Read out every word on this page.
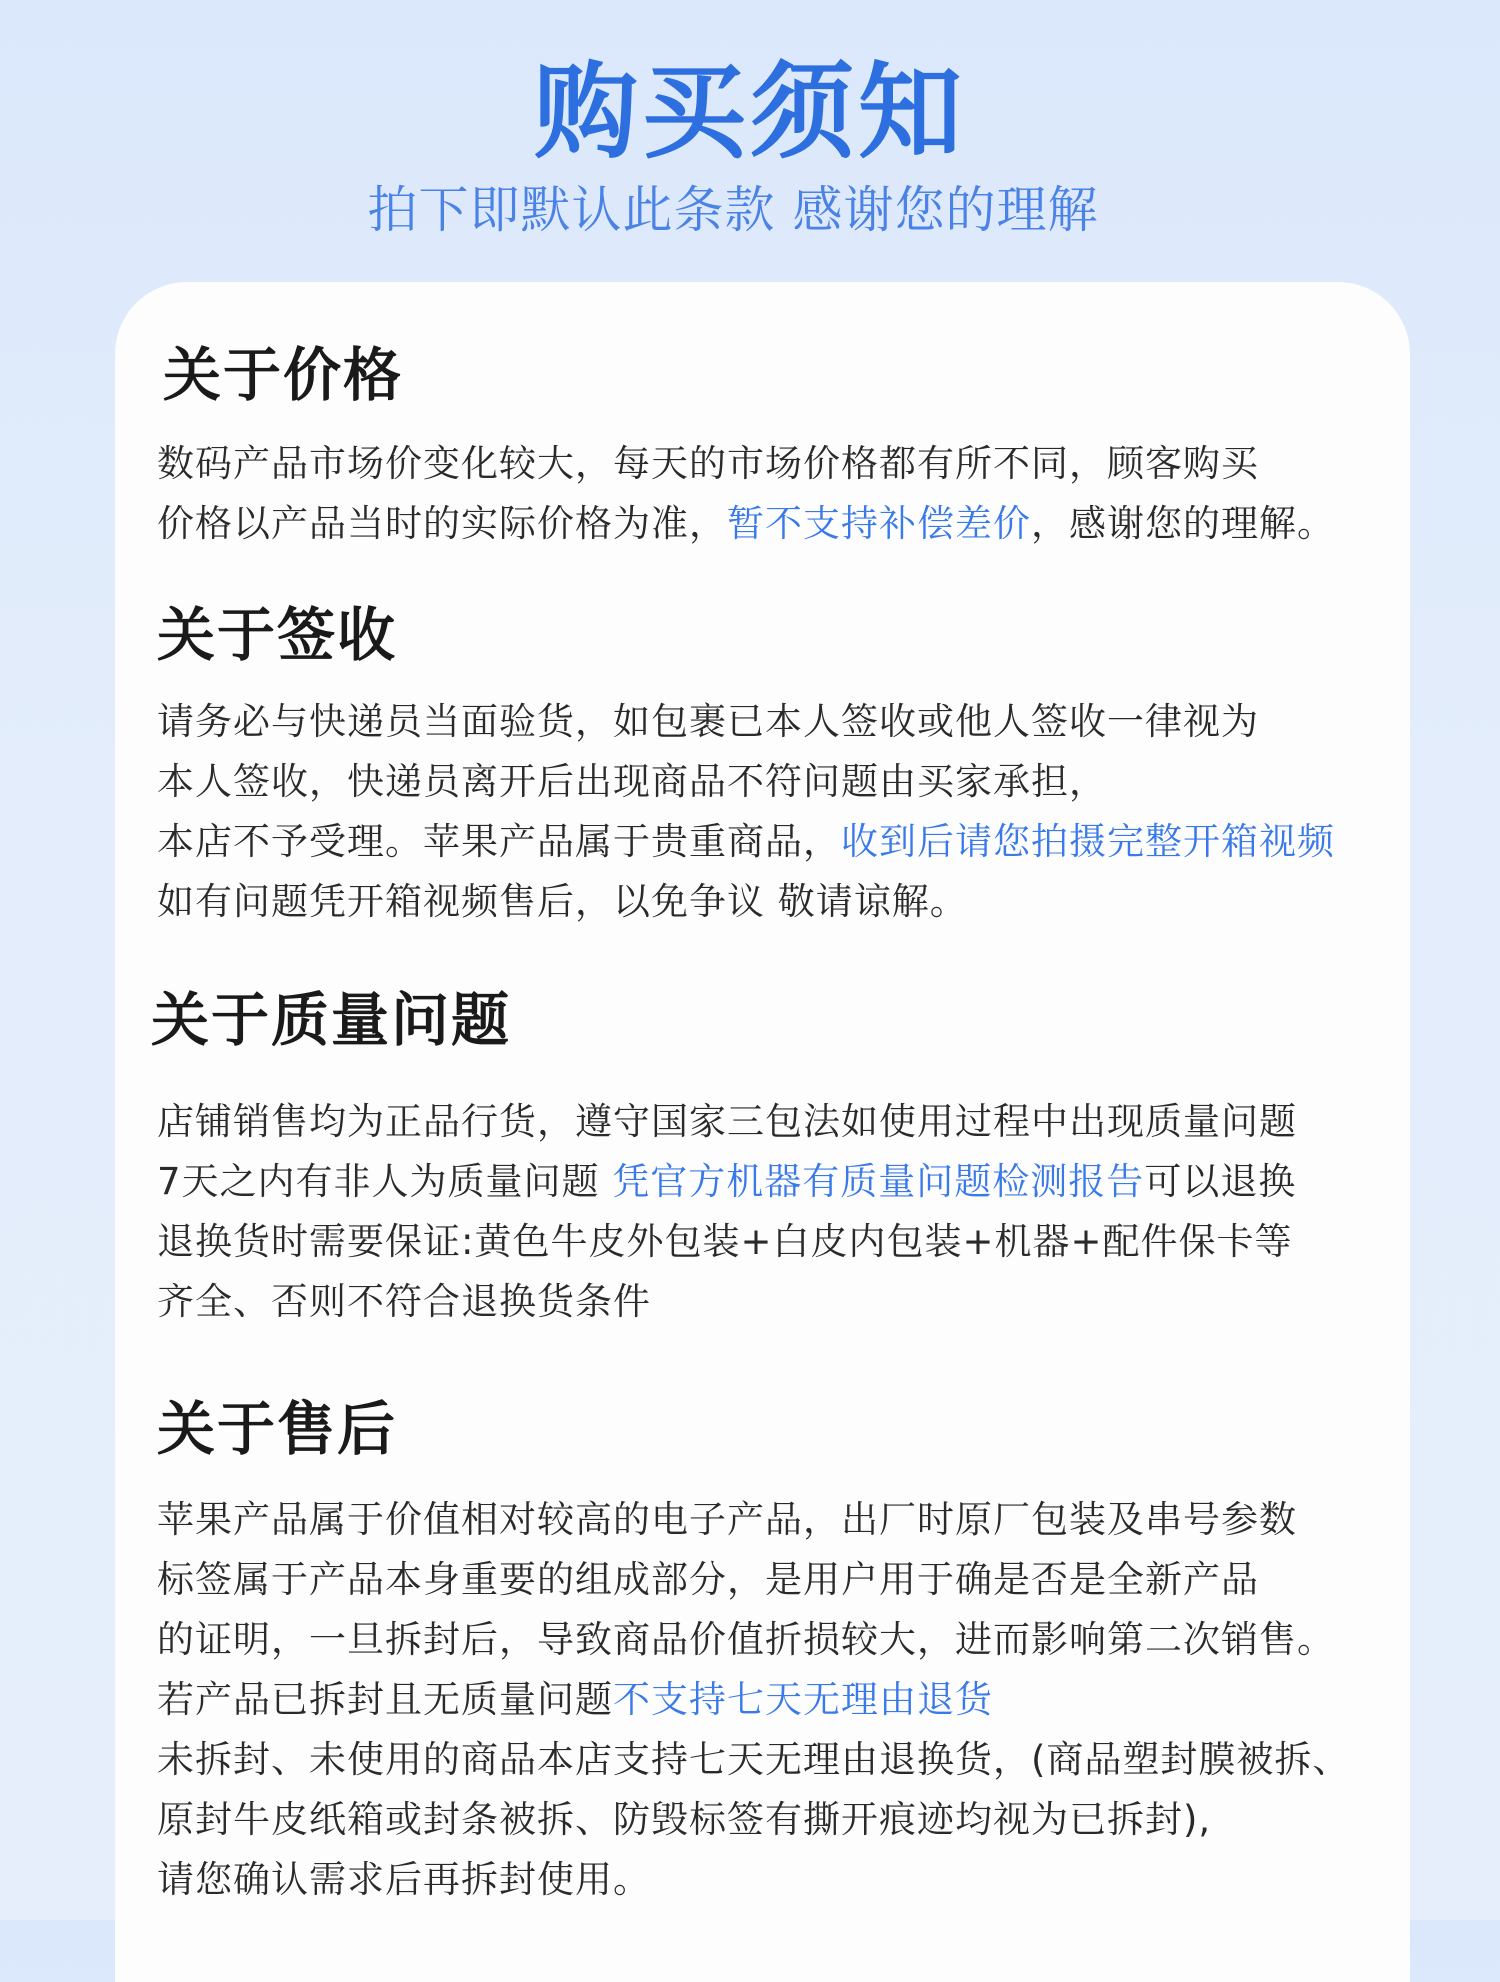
购买须知
拍下即默认此条款 感谢您的理解
关于价格
数码产品市场价变化较大，每天的市场价格都有所不同，顾客购买
价格以产品当时的实际价格为准，暂不支持补偿差价，感谢您的理解。
关于签收
请务必与快递员当面验货，如包裹已本人签收或他人签收一律视为
本人签收，快递员离开后出现商品不符问题由买家承担，
本店不予受理。苹果产品属于贵重商品，收到后请您拍摄完整开箱视频
如有问题凭开箱视频售后，以免争议 敬请谅解。
关于质量问题
店铺销售均为正品行货，遵守国家三包法如使用过程中出现质量问题
7天之内有非人为质量问题 凭官方机器有质量问题检测报告可以退换
退换货时需要保证:黄色牛皮外包装+白皮内包装+机器+配件保卡等
齐全、否则不符合退换货条件
关于售后
苹果产品属于价值相对较高的电子产品，出厂时原厂包装及串号参数
标签属于产品本身重要的组成部分，是用户用于确是否是全新产品
的证明，一旦拆封后，导致商品价值折损较大，进而影响第二次销售。
若产品已拆封且无质量问题不支持七天无理由退货
未拆封、未使用的商品本店支持七天无理由退换货，(商品塑封膜被拆、
原封牛皮纸箱或封条被拆、防毁标签有撕开痕迹均视为已拆封),
请您确认需求后再拆封使用。
